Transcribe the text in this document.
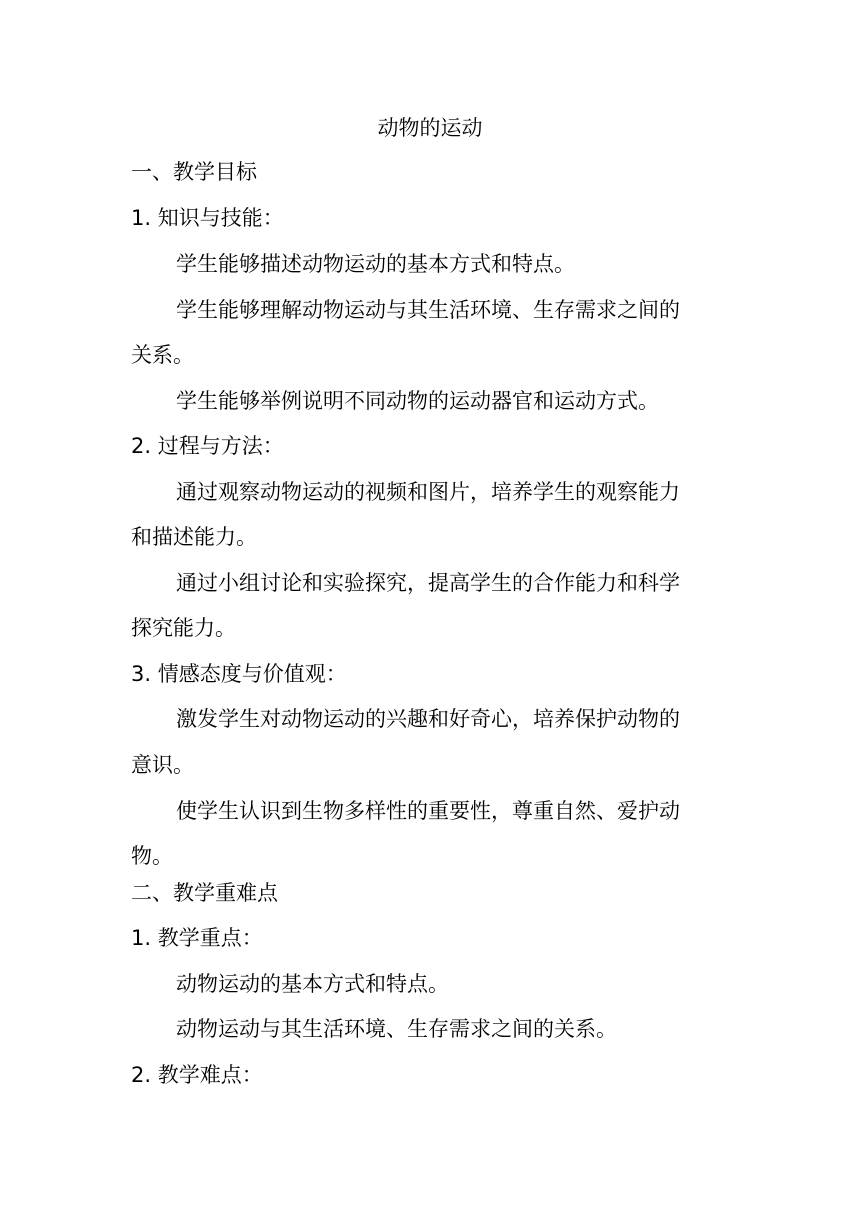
动物的运动
一、教学目标
1. 知识与技能：
学生能够描述动物运动的基本方式和特点。
学生能够理解动物运动与其生活环境、生存需求之间的
关系。
学生能够举例说明不同动物的运动器官和运动方式。
2. 过程与方法：
通过观察动物运动的视频和图片，培养学生的观察能力
和描述能力。
通过小组讨论和实验探究，提高学生的合作能力和科学
探究能力。
3. 情感态度与价值观：
激发学生对动物运动的兴趣和好奇心，培养保护动物的
意识。
使学生认识到生物多样性的重要性，尊重自然、爱护动
物。
二、教学重难点
1. 教学重点：
动物运动的基本方式和特点。
动物运动与其生活环境、生存需求之间的关系。
2. 教学难点：
